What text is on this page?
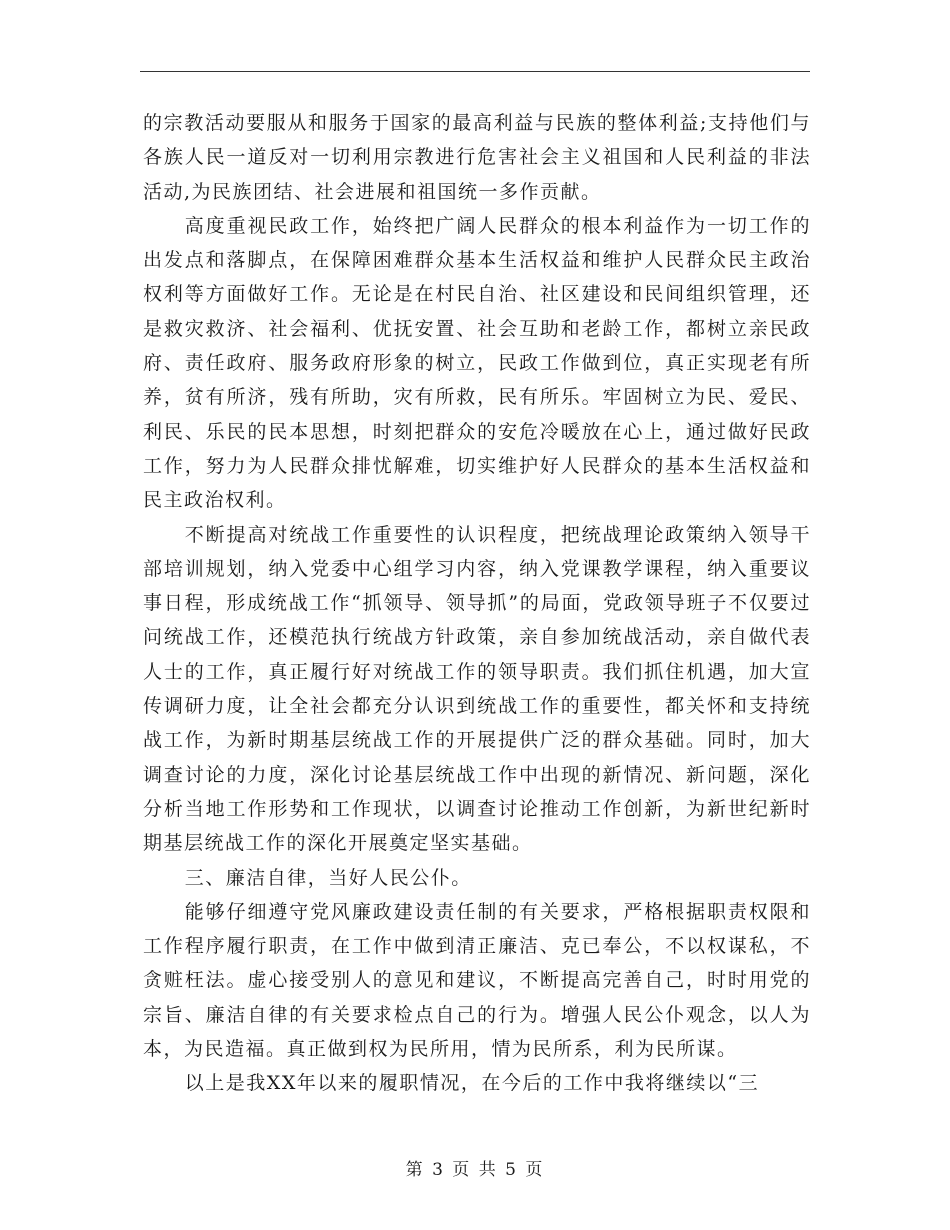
的宗教活动要服从和服务于国家的最高利益与民族的整体利益;支持他们与各族人民一道反对一切利用宗教进行危害社会主义祖国和人民利益的非法活动,为民族团结、社会进展和祖国统一多作贡献。

高度重视民政工作，始终把广阔人民群众的根本利益作为一切工作的出发点和落脚点，在保障困难群众基本生活权益和维护人民群众民主政治权利等方面做好工作。无论是在村民自治、社区建设和民间组织管理，还是救灾救济、社会福利、优抚安置、社会互助和老龄工作，都树立亲民政府、责任政府、服务政府形象的树立，民政工作做到位，真正实现老有所养，贫有所济，残有所助，灾有所救，民有所乐。牢固树立为民、爱民、利民、乐民的民本思想，时刻把群众的安危冷暖放在心上，通过做好民政工作，努力为人民群众排忧解难，切实维护好人民群众的基本生活权益和民主政治权利。

不断提高对统战工作重要性的认识程度，把统战理论政策纳入领导干部培训规划，纳入党委中心组学习内容，纳入党课教学课程，纳入重要议事日程，形成统战工作“抓领导、领导抓”的局面，党政领导班子不仅要过问统战工作，还模范执行统战方针政策，亲自参加统战活动，亲自做代表人士的工作，真正履行好对统战工作的领导职责。我们抓住机遇，加大宣传调研力度，让全社会都充分认识到统战工作的重要性，都关怀和支持统战工作，为新时期基层统战工作的开展提供广泛的群众基础。同时，加大调查讨论的力度，深化讨论基层统战工作中出现的新情况、新问题，深化分析当地工作形势和工作现状，以调查讨论推动工作创新，为新世纪新时期基层统战工作的深化开展奠定坚实基础。

三、廉洁自律，当好人民公仆。

能够仔细遵守党风廉政建设责任制的有关要求，严格根据职责权限和工作程序履行职责，在工作中做到清正廉洁、克已奉公，不以权谋私，不贪赃枉法。虚心接受别人的意见和建议，不断提高完善自己，时时用党的宗旨、廉洁自律的有关要求检点自己的行为。增强人民公仆观念，以人为本，为民造福。真正做到权为民所用，情为民所系，利为民所谋。

以上是我XX年以来的履职情况，在今后的工作中我将继续以“三

第 3 页 共 5 页
